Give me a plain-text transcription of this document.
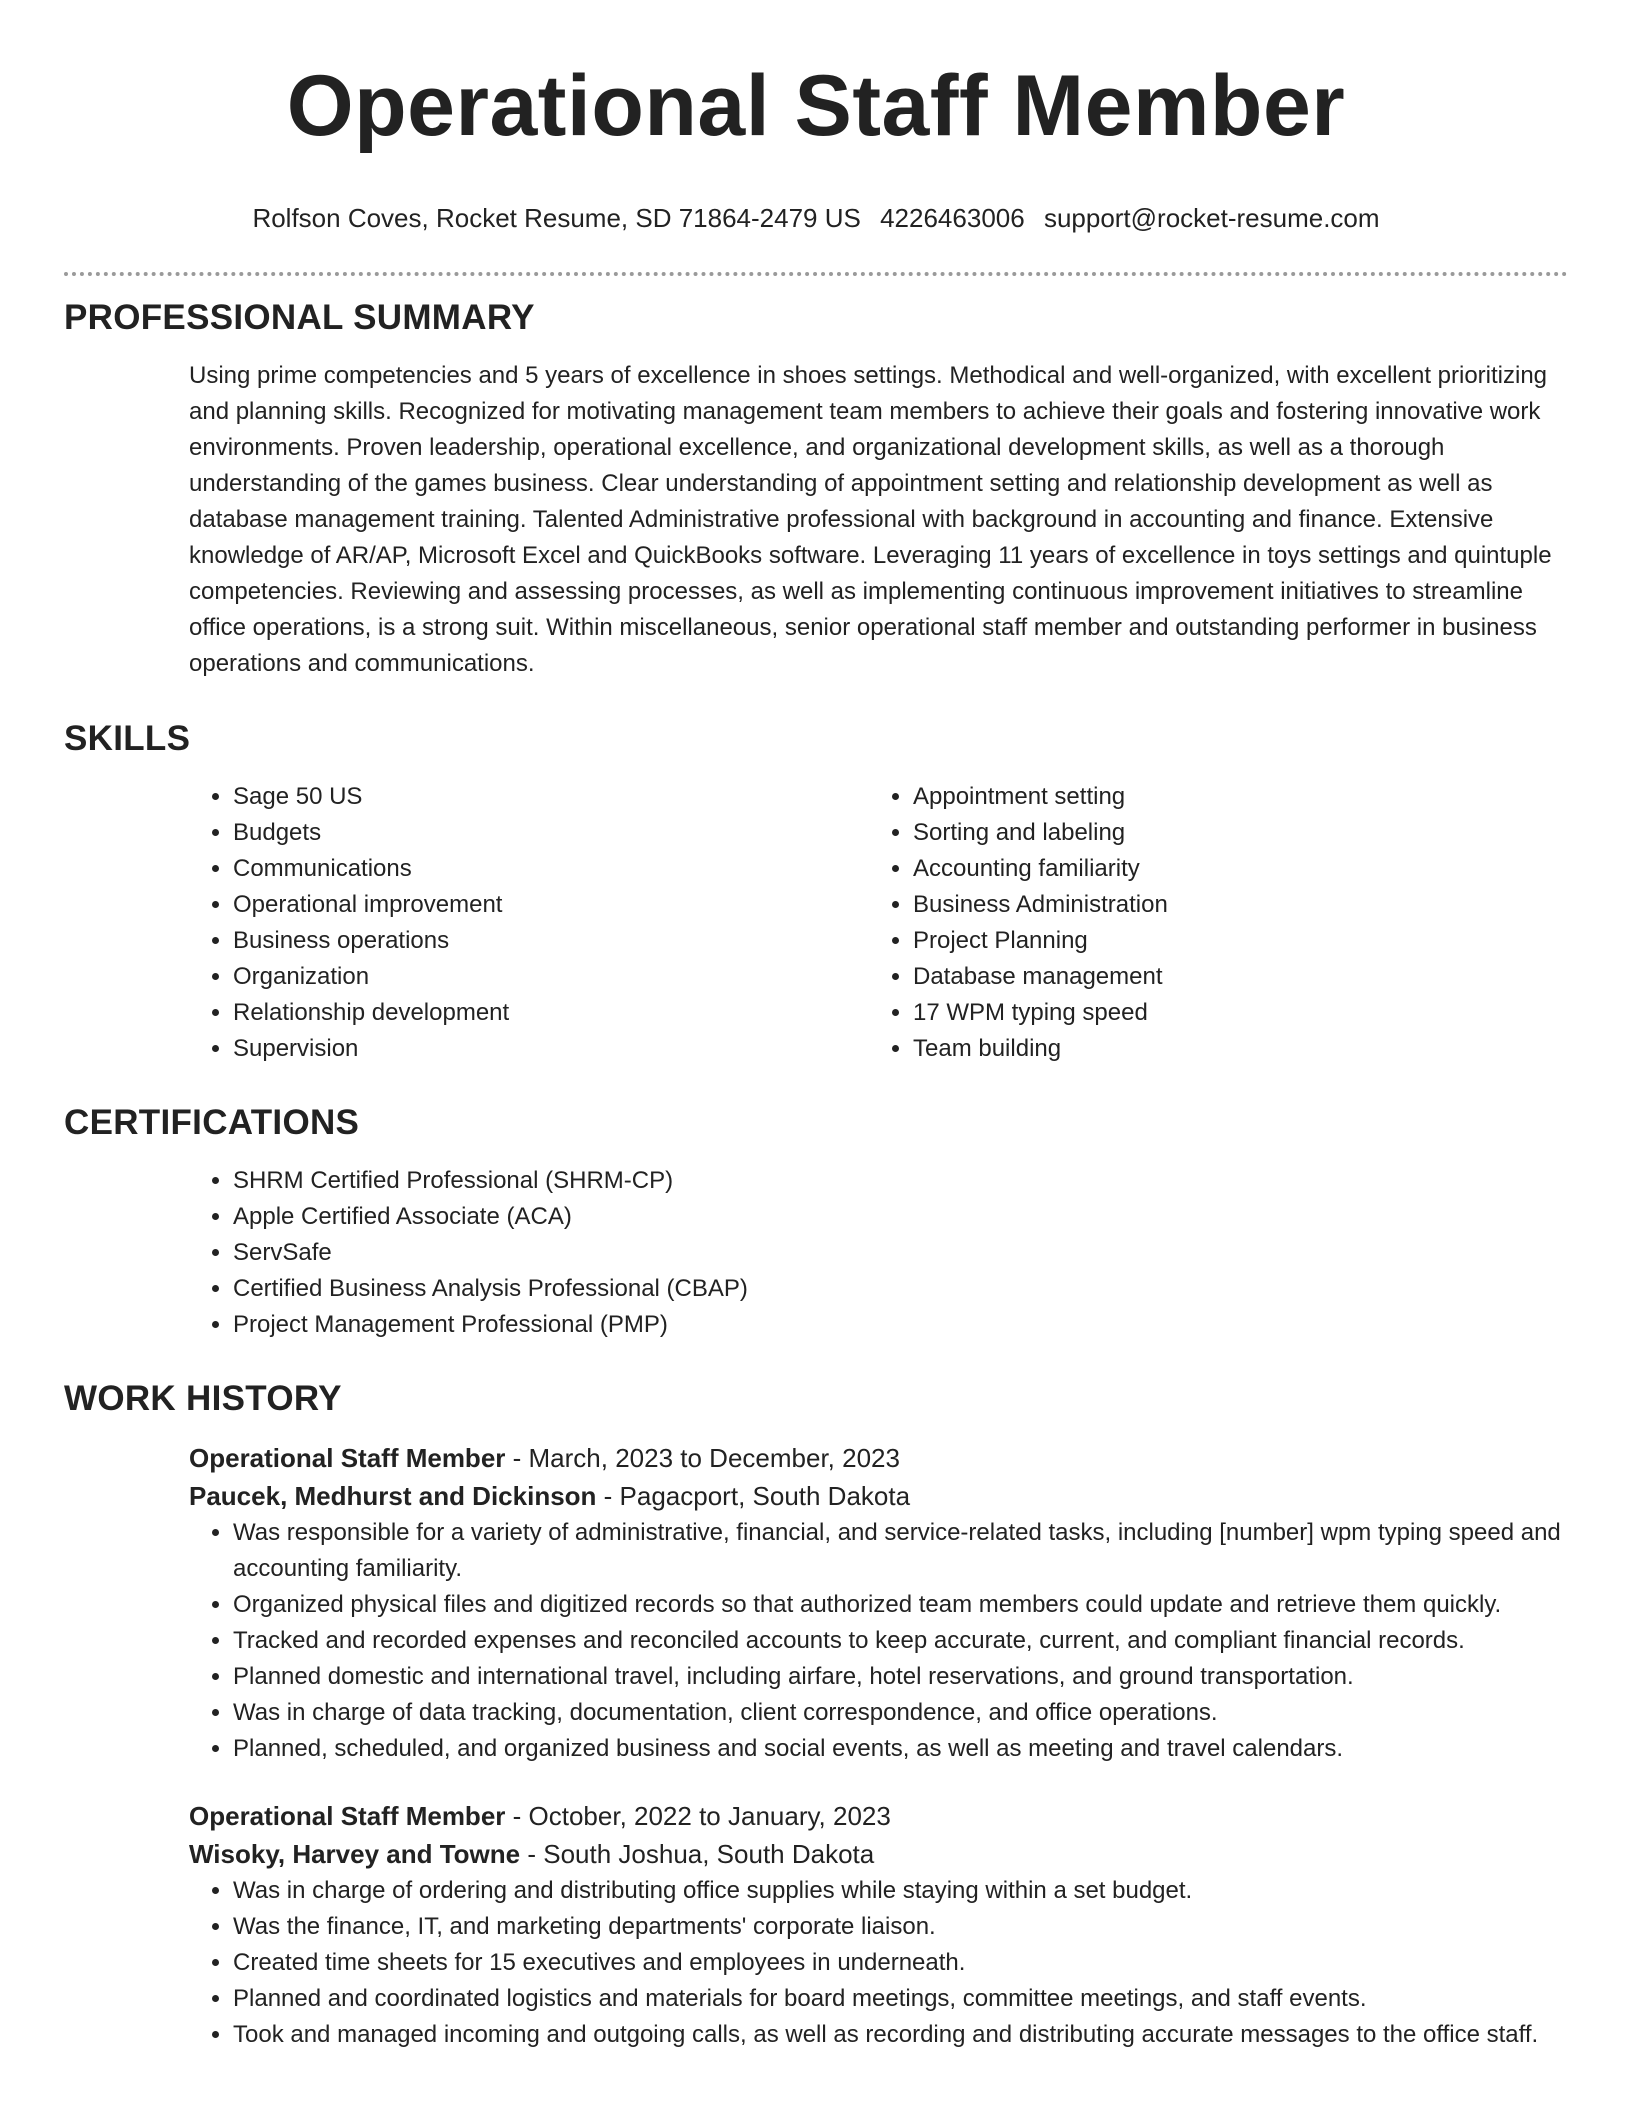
Operational Staff Member
Rolfson Coves, Rocket Resume, SD 71864-2479 US 4226463006 support@rocket-resume.com
PROFESSIONAL SUMMARY
Using prime competencies and 5 years of excellence in shoes settings. Methodical and well-organized, with excellent prioritizing and planning skills. Recognized for motivating management team members to achieve their goals and fostering innovative work environments. Proven leadership, operational excellence, and organizational development skills, as well as a thorough understanding of the games business. Clear understanding of appointment setting and relationship development as well as database management training. Talented Administrative professional with background in accounting and finance. Extensive knowledge of AR/AP, Microsoft Excel and QuickBooks software. Leveraging 11 years of excellence in toys settings and quintuple competencies. Reviewing and assessing processes, as well as implementing continuous improvement initiatives to streamline office operations, is a strong suit. Within miscellaneous, senior operational staff member and outstanding performer in business operations and communications.
SKILLS
• Sage 50 US
• Budgets
• Communications
• Operational improvement
• Business operations
• Organization
• Relationship development
• Supervision
• Appointment setting
• Sorting and labeling
• Accounting familiarity
• Business Administration
• Project Planning
• Database management
• 17 WPM typing speed
• Team building
CERTIFICATIONS
• SHRM Certified Professional (SHRM-CP)
• Apple Certified Associate (ACA)
• ServSafe
• Certified Business Analysis Professional (CBAP)
• Project Management Professional (PMP)
WORK HISTORY
Operational Staff Member - March, 2023 to December, 2023
Paucek, Medhurst and Dickinson - Pagacport, South Dakota
• Was responsible for a variety of administrative, financial, and service-related tasks, including [number] wpm typing speed and accounting familiarity.
• Organized physical files and digitized records so that authorized team members could update and retrieve them quickly.
• Tracked and recorded expenses and reconciled accounts to keep accurate, current, and compliant financial records.
• Planned domestic and international travel, including airfare, hotel reservations, and ground transportation.
• Was in charge of data tracking, documentation, client correspondence, and office operations.
• Planned, scheduled, and organized business and social events, as well as meeting and travel calendars.
Operational Staff Member - October, 2022 to January, 2023
Wisoky, Harvey and Towne - South Joshua, South Dakota
• Was in charge of ordering and distributing office supplies while staying within a set budget.
• Was the finance, IT, and marketing departments' corporate liaison.
• Created time sheets for 15 executives and employees in underneath.
• Planned and coordinated logistics and materials for board meetings, committee meetings, and staff events.
• Took and managed incoming and outgoing calls, as well as recording and distributing accurate messages to the office staff.
